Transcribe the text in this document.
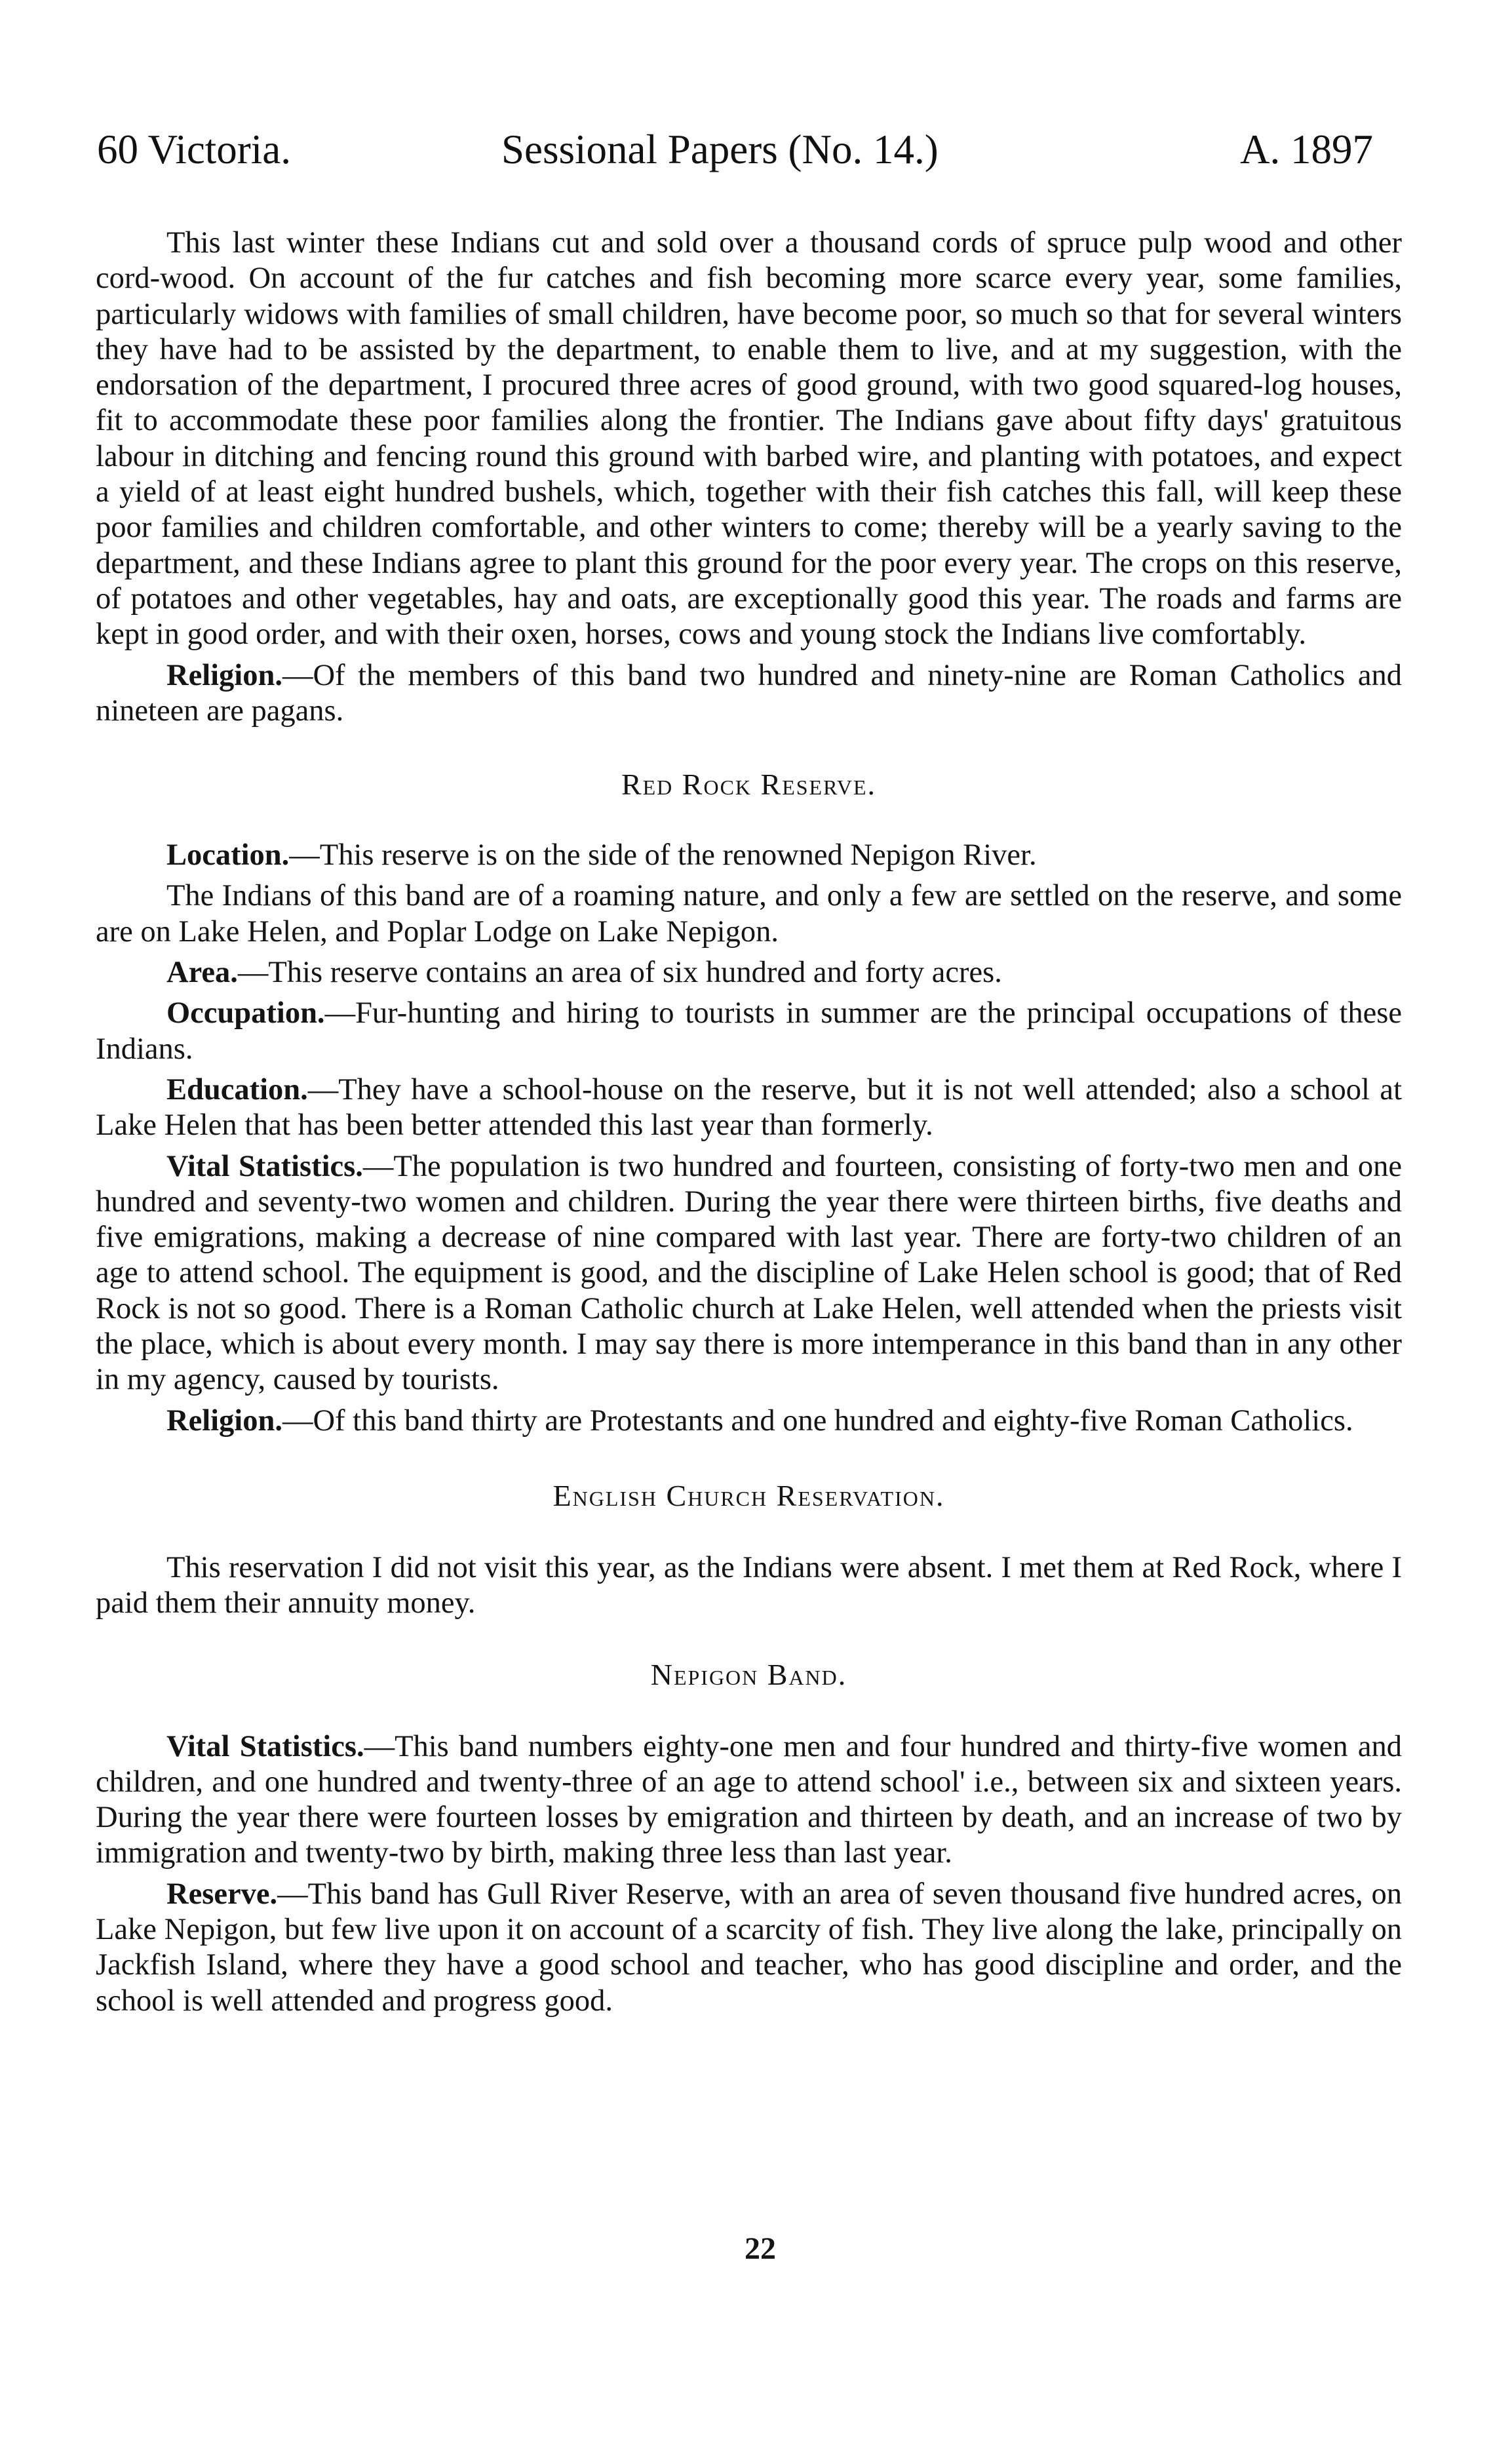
60 Victoria.	Sessional Papers (No. 14.)	A. 1897

This last winter these Indians cut and sold over a thousand cords of spruce pulp wood and other cord-wood. On account of the fur catches and fish becoming more scarce every year, some families, particularly widows with families of small children, have become poor, so much so that for several winters they have had to be assisted by the department, to enable them to live, and at my suggestion, with the endorsation of the department, I procured three acres of good ground, with two good squared-log houses, fit to accommodate these poor families along the frontier. The Indians gave about fifty days' gratuitous labour in ditching and fencing round this ground with barbed wire, and planting with potatoes, and expect a yield of at least eight hundred bushels, which, together with their fish catches this fall, will keep these poor families and children comfortable, and other winters to come; thereby will be a yearly saving to the department, and these Indians agree to plant this ground for the poor every year. The crops on this reserve, of potatoes and other vegetables, hay and oats, are exceptionally good this year. The roads and farms are kept in good order, and with their oxen, horses, cows and young stock the Indians live comfortably.

Religion.—Of the members of this band two hundred and ninety-nine are Roman Catholics and nineteen are pagans.

Red Rock Reserve.

Location.—This reserve is on the side of the renowned Nepigon River.

The Indians of this band are of a roaming nature, and only a few are settled on the reserve, and some are on Lake Helen, and Poplar Lodge on Lake Nepigon.

Area.—This reserve contains an area of six hundred and forty acres.

Occupation.—Fur-hunting and hiring to tourists in summer are the principal occupations of these Indians.

Education.—They have a school-house on the reserve, but it is not well attended; also a school at Lake Helen that has been better attended this last year than formerly.

Vital Statistics.—The population is two hundred and fourteen, consisting of forty-two men and one hundred and seventy-two women and children. During the year there were thirteen births, five deaths and five emigrations, making a decrease of nine compared with last year. There are forty-two children of an age to attend school. The equipment is good, and the discipline of Lake Helen school is good; that of Red Rock is not so good. There is a Roman Catholic church at Lake Helen, well attended when the priests visit the place, which is about every month. I may say there is more intemperance in this band than in any other in my agency, caused by tourists.

Religion.—Of this band thirty are Protestants and one hundred and eighty-five Roman Catholics.

English Church Reservation.

This reservation I did not visit this year, as the Indians were absent. I met them at Red Rock, where I paid them their annuity money.

Nepigon Band.

Vital Statistics.—This band numbers eighty-one men and four hundred and thirty-five women and children, and one hundred and twenty-three of an age to attend school' i.e., between six and sixteen years. During the year there were fourteen losses by emigration and thirteen by death, and an increase of two by immigration and twenty-two by birth, making three less than last year.

Reserve.—This band has Gull River Reserve, with an area of seven thousand five hundred acres, on Lake Nepigon, but few live upon it on account of a scarcity of fish. They live along the lake, principally on Jackfish Island, where they have a good school and teacher, who has good discipline and order, and the school is well attended and progress good.

22
